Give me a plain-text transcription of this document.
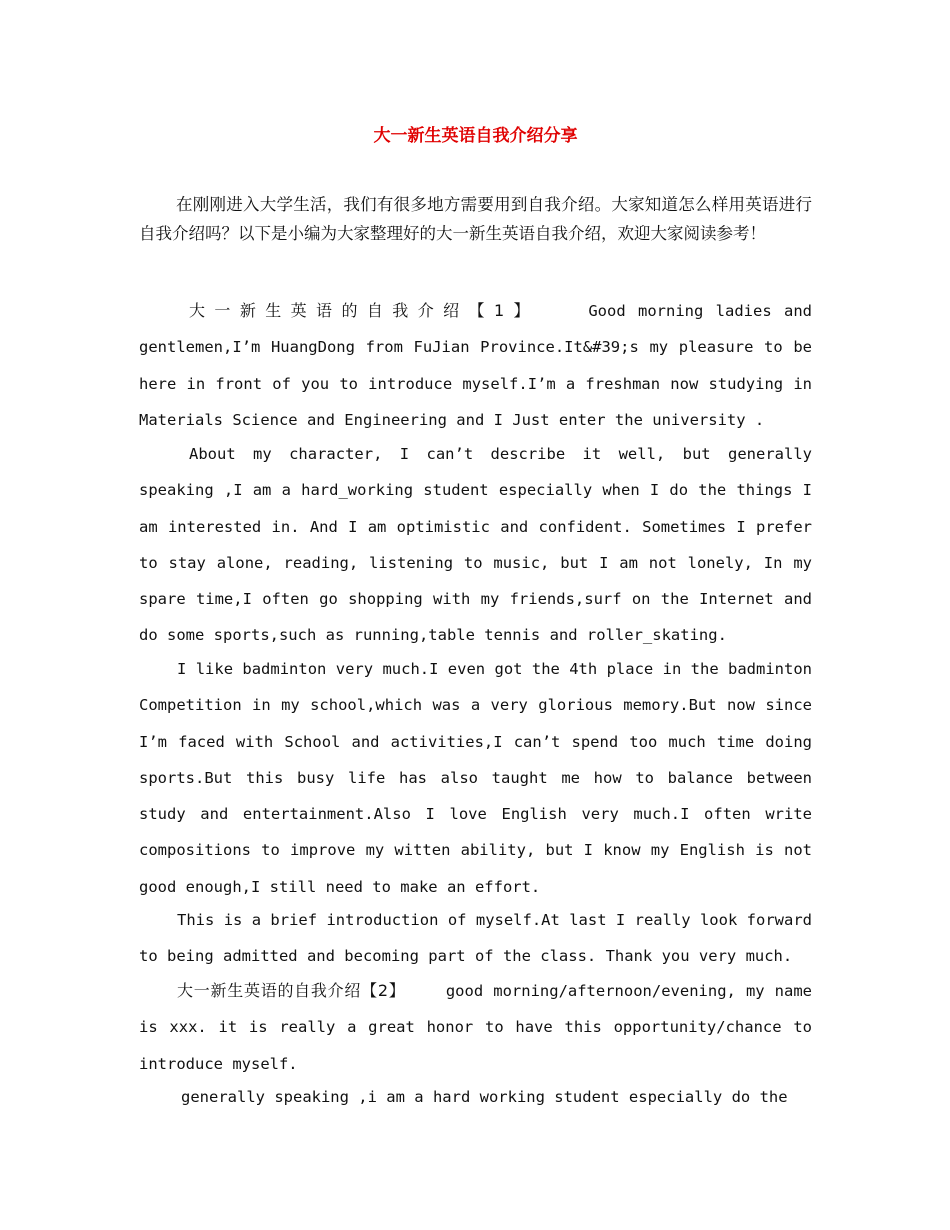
大一新生英语自我介绍分享

在刚刚进入大学生活，我们有很多地方需要用到自我介绍。大家知道怎么样用英语进行自我介绍吗？以下是小编为大家整理好的大一新生英语自我介绍，欢迎大家阅读参考！

大一新生英语的自我介绍【1】	Good morning ladies and gentlemen,I’m HuangDong from FuJian Province.It&#39;s my pleasure to be here in front of you to introduce myself.I’m a freshman now studying in Materials Science and Engineering and I Just enter the university .

About my character, I can’t describe it well, but generally speaking ,I am a hard_working student especially when I do the things I am interested in. And I am optimistic and confident. Sometimes I prefer to stay alone, reading, listening to music, but I am not lonely, In my spare time,I often go shopping with my friends,surf on the Internet and do some sports,such as running,table tennis and roller_skating.

I like badminton very much.I even got the 4th place in the badminton Competition in my school,which was a very glorious memory.But now since I’m faced with School and activities,I can’t spend too much time doing sports.But this busy life has also taught me how to balance between study and entertainment.Also I love English very much.I often write compositions to improve my witten ability, but I know my English is not good enough,I still need to make an effort.

This is a brief introduction of myself.At last I really look forward to being admitted and becoming part of the class. Thank you very much.

大一新生英语的自我介绍【2】	good morning/afternoon/evening, my name is xxx. it is really a great honor to have this opportunity/chance to introduce myself.

generally speaking ,i am a hard working student especially do the
